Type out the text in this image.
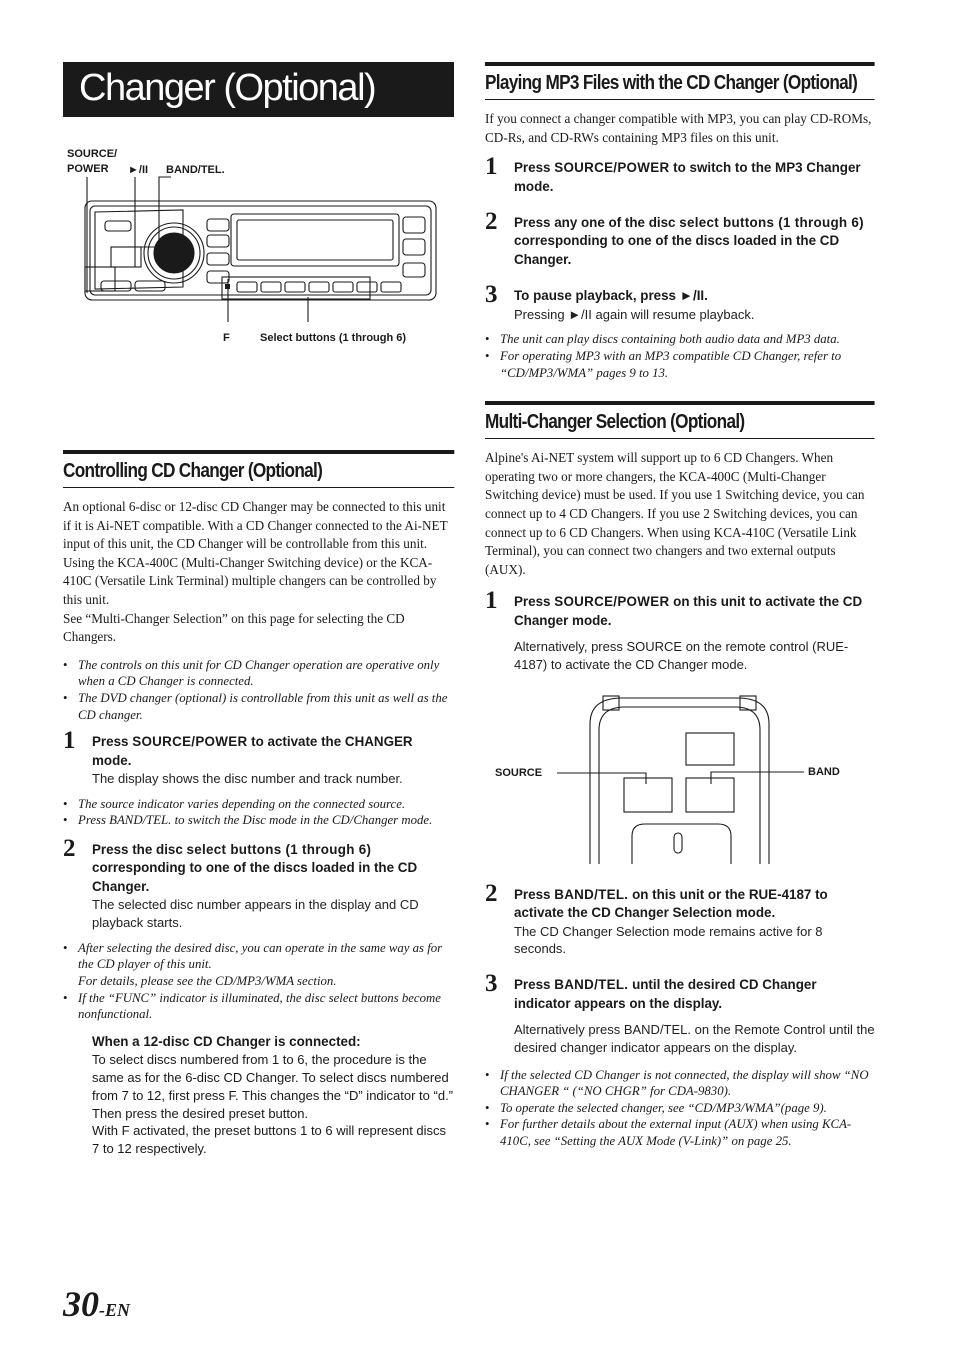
Changer (Optional)
SOURCE/
POWER	►/II BAND/TEL.
F	Select buttons (1 through 6)
Controlling CD Changer (Optional)

An optional 6-disc or 12-disc CD Changer may be connected to this unit if it is Ai-NET compatible. With a CD Changer connected to the Ai-NET input of this unit, the CD Changer will be controllable from this unit.

Using the KCA-400C (Multi-Changer Switching device) or the KCA-410C (Versatile Link Terminal) multiple changers can be controlled by this unit.

See “Multi-Changer Selection” on this page for selecting the CD Changers.

• The controls on this unit for CD Changer operation are operative only when a CD Changer is connected.
• The DVD changer (optional) is controllable from this unit as well as the CD changer.
1 Press SOURCE/POWER to activate the CHANGER mode.
The display shows the disc number and track number.
• The source indicator varies depending on the connected source.
• Press BAND/TEL. to switch the Disc mode in the CD/Changer mode.
2 Press the disc select buttons (1 through 6) corresponding to one of the discs loaded in the CD Changer.
The selected disc number appears in the display and CD playback starts.
• After selecting the desired disc, you can operate in the same way as for the CD player of this unit.
For details, please see the CD/MP3/WMA section.
• If the “FUNC” indicator is illuminated, the disc select buttons become nonfunctional.
When a 12-disc CD Changer is connected:
To select discs numbered from 1 to 6, the procedure is the same as for the 6-disc CD Changer. To select discs numbered from 7 to 12, first press F. This changes the “D” indicator to “d.” Then press the desired preset button.
With F activated, the preset buttons 1 to 6 will represent discs 7 to 12 respectively.
Playing MP3 Files with the CD Changer (Optional)

If you connect a changer compatible with MP3, you can play CD-ROMs, CD-Rs, and CD-RWs containing MP3 files on this unit.

1 Press SOURCE/POWER to switch to the MP3 Changer mode.
2 Press any one of the disc select buttons (1 through 6) corresponding to one of the discs loaded in the CD Changer.
3 To pause playback, press ►/II.
Pressing ►/II again will resume playback.
• The unit can play discs containing both audio data and MP3 data.
• For operating MP3 with an MP3 compatible CD Changer, refer to “CD/MP3/WMA” pages 9 to 13.
Multi-Changer Selection (Optional)

Alpine's Ai-NET system will support up to 6 CD Changers. When operating two or more changers, the KCA-400C (Multi-Changer Switching device) must be used. If you use 1 Switching device, you can connect up to 4 CD Changers. If you use 2 Switching devices, you can connect up to 6 CD Changers. When using KCA-410C (Versatile Link Terminal), you can connect two changers and two external outputs (AUX).

1 Press SOURCE/POWER on this unit to activate the CD Changer mode.
Alternatively, press SOURCE on the remote control (RUE-4187) to activate the CD Changer mode.
SOURCE	BAND
2 Press BAND/TEL. on this unit or the RUE-4187 to activate the CD Changer Selection mode.
The CD Changer Selection mode remains active for 8 seconds.
3 Press BAND/TEL. until the desired CD Changer indicator appears on the display.
Alternatively press BAND/TEL. on the Remote Control until the desired changer indicator appears on the display.
• If the selected CD Changer is not connected, the display will show “NO CHANGER “ (“NO CHGR” for CDA-9830).
• To operate the selected changer, see “CD/MP3/WMA”(page 9).
• For further details about the external input (AUX) when using KCA-410C, see “Setting the AUX Mode (V-Link)” on page 25.
30-EN
